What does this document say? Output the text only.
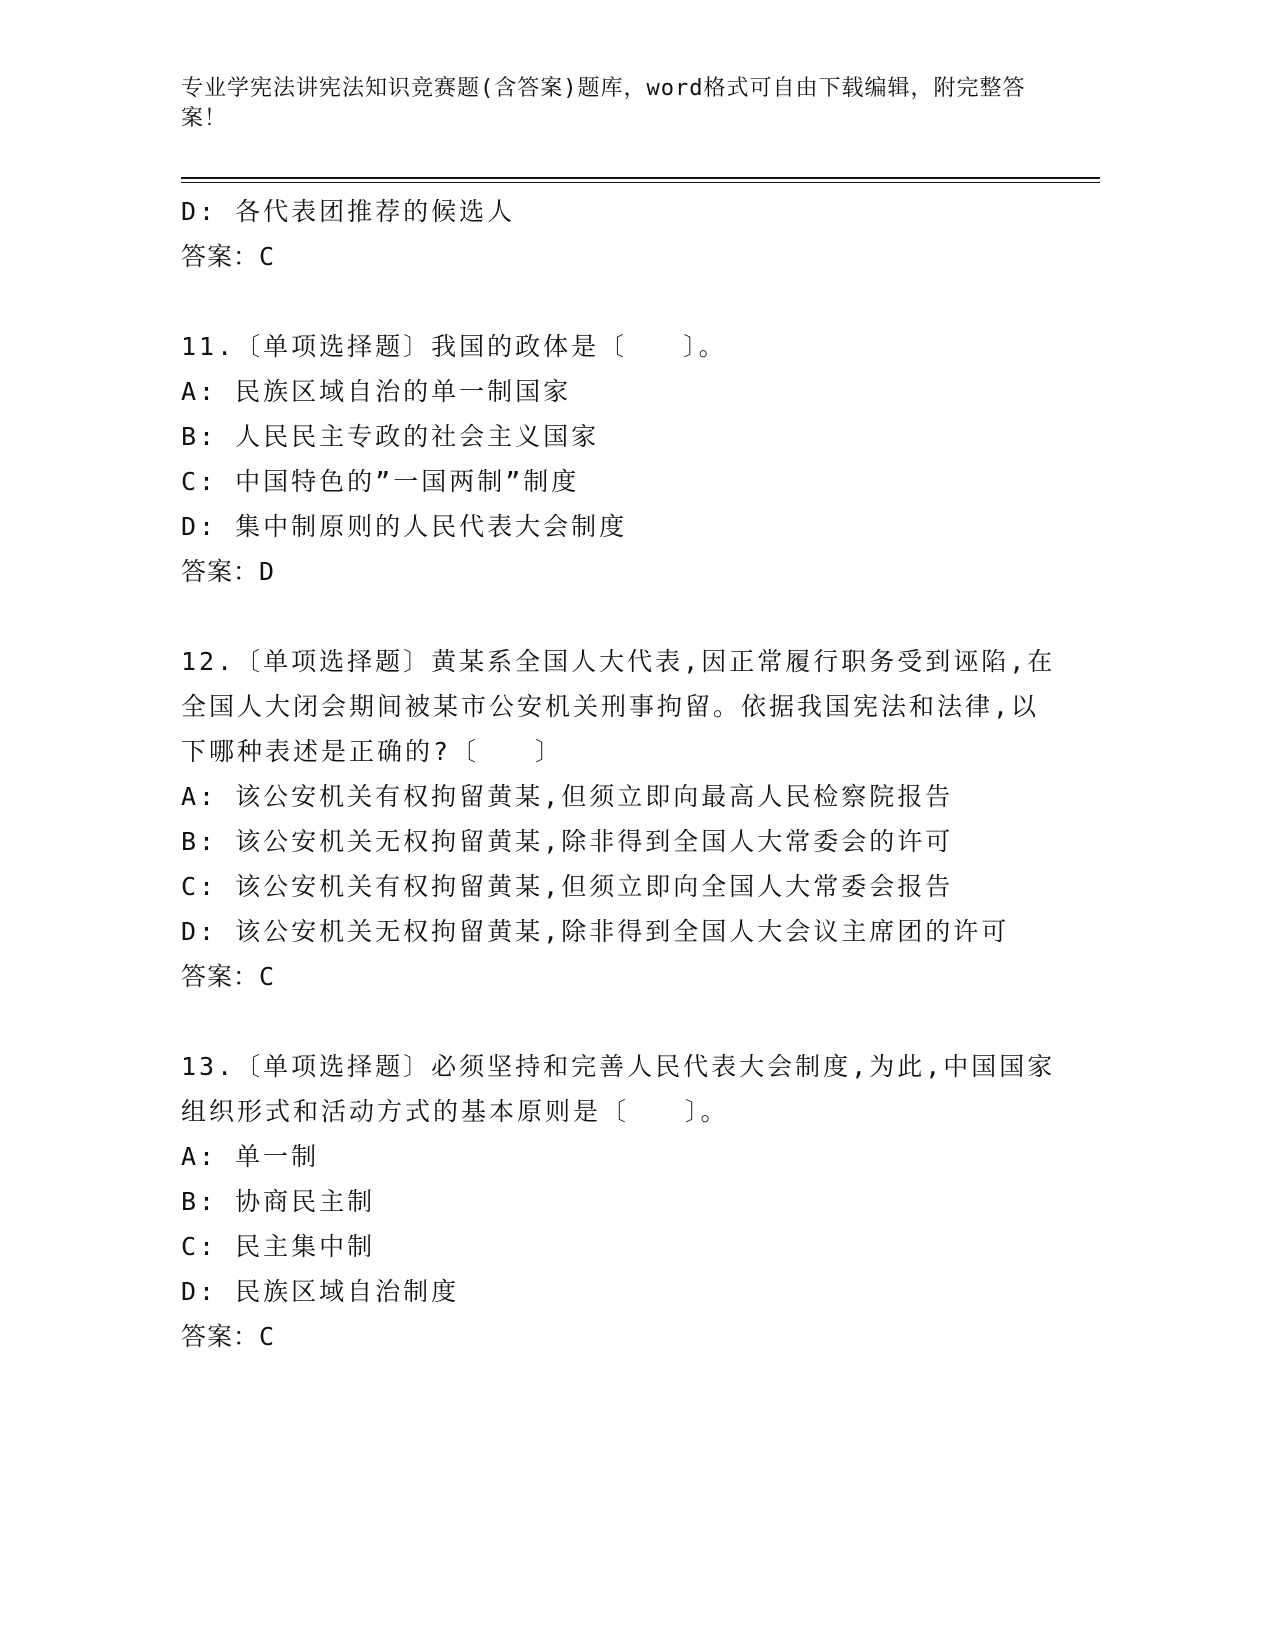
专业学宪法讲宪法知识竞赛题(含答案)题库，word格式可自由下载编辑，附完整答案！
D: 各代表团推荐的候选人
答案：C
11.〔单项选择题〕我国的政体是〔　　〕。
A: 民族区域自治的单一制国家
B: 人民民主专政的社会主义国家
C: 中国特色的”一国两制”制度
D: 集中制原则的人民代表大会制度
答案：D
12.〔单项选择题〕黄某系全国人大代表,因正常履行职务受到诬陷,在
全国人大闭会期间被某市公安机关刑事拘留。依据我国宪法和法律,以
下哪种表述是正确的?〔　　〕
A: 该公安机关有权拘留黄某,但须立即向最高人民检察院报告
B: 该公安机关无权拘留黄某,除非得到全国人大常委会的许可
C: 该公安机关有权拘留黄某,但须立即向全国人大常委会报告
D: 该公安机关无权拘留黄某,除非得到全国人大会议主席团的许可
答案：C
13.〔单项选择题〕必须坚持和完善人民代表大会制度,为此,中国国家
组织形式和活动方式的基本原则是〔　　〕。
A: 单一制
B: 协商民主制
C: 民主集中制
D: 民族区域自治制度
答案：C
